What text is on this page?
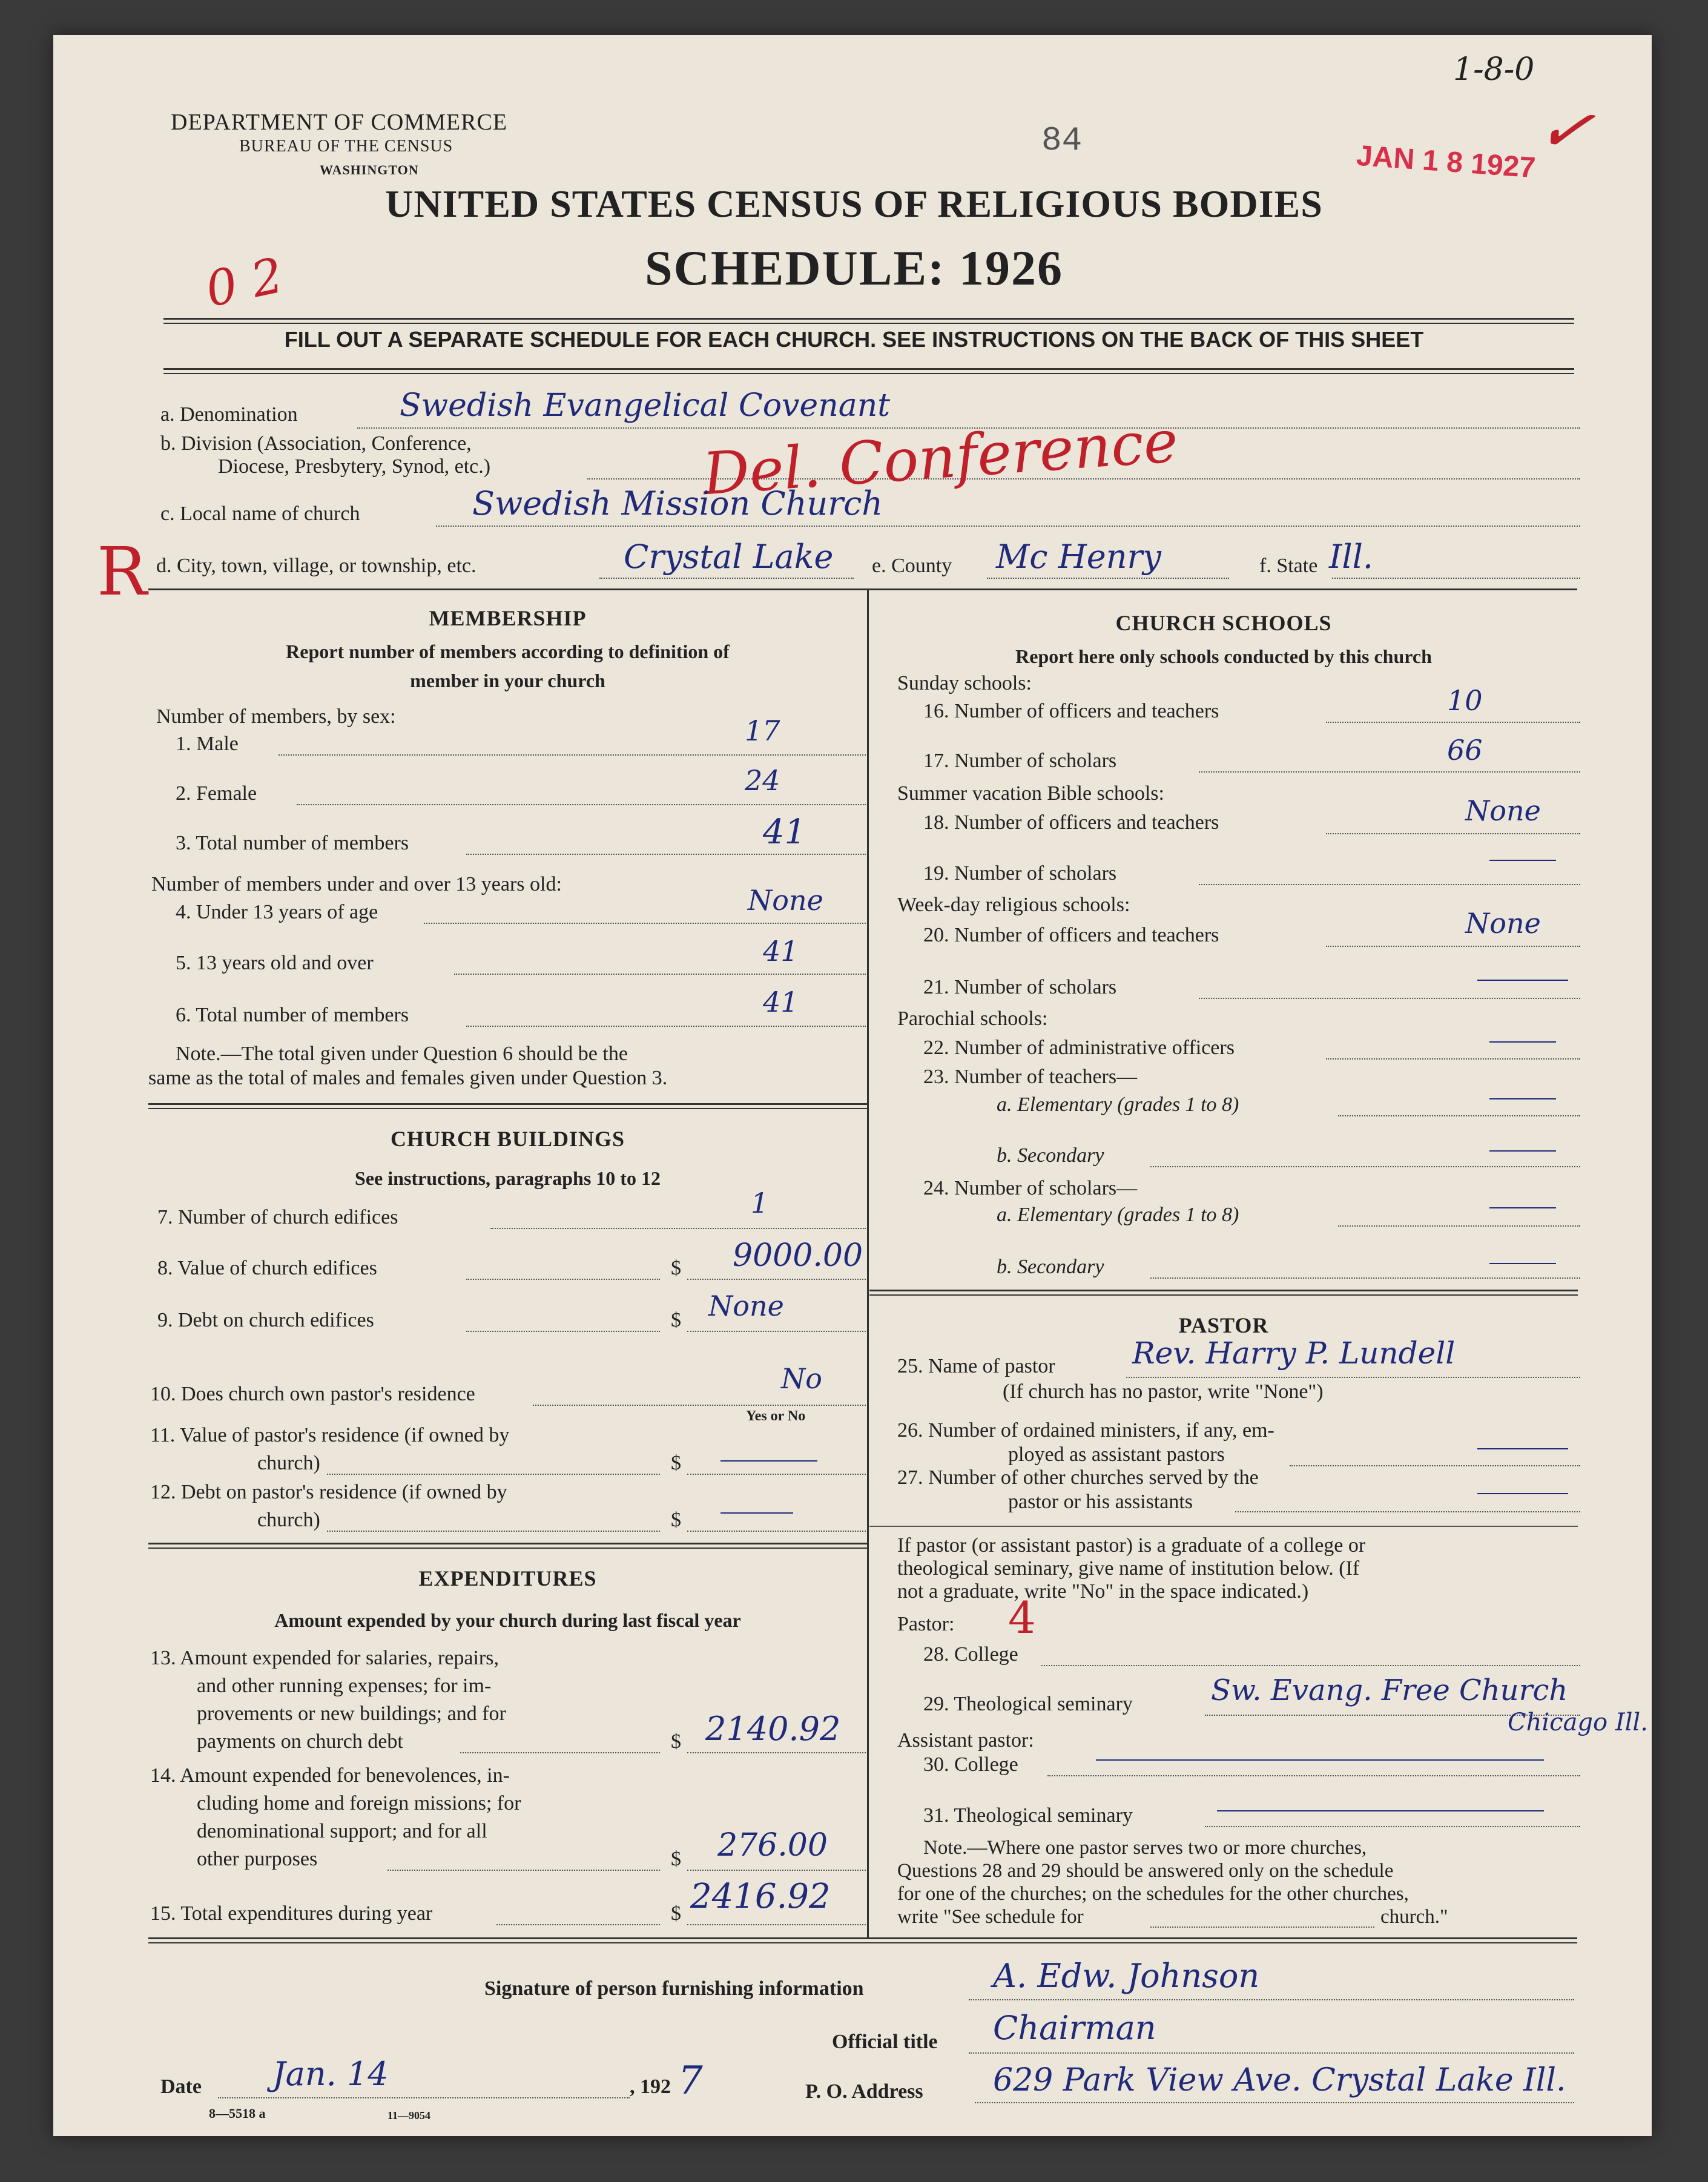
DEPARTMENT OF COMMERCE
BUREAU OF THE CENSUS
WASHINGTON
84	JAN 1 8 1927
1-8-0
✓
UNITED STATES CENSUS OF RELIGIOUS BODIES
SCHEDULE: 1926
0 2
FILL OUT A SEPARATE SCHEDULE FOR EACH CHURCH. SEE INSTRUCTIONS ON THE BACK OF THIS SHEET
a. Denomination	Swedish Evangelical Covenant
b. Division (Association, Conference,
Diocese, Presbytery, Synod, etc.)	Del. Conference
c. Local name of church	Swedish Mission Church
R d. City, town, village, or township, etc.	Crystal Lake e. County Mc Henry	f. State Ill.
MEMBERSHIP
Report number of members according to definition of
member in your church
Number of members, by sex:
1. Male	17
2. Female	24
3. Total number of members	41
Number of members under and over 13 years old:
4. Under 13 years of age	None
5. 13 years old and over	41
6. Total number of members	41
Note.—The total given under Question 6 should be the
same as the total of males and females given under Question 3.
CHURCH BUILDINGS
See instructions, paragraphs 10 to 12
7. Number of church edifices	1
8. Value of church edifices	$ 9000.00
9. Debt on church edifices	$ None
10. Does church own pastor's residence	No
Yes or No
11. Value of pastor's residence (if owned by
church)	$
12. Debt on pastor's residence (if owned by
church)	$
EXPENDITURES
Amount expended by your church during last fiscal year
13. Amount expended for salaries, repairs,
and other running expenses; for im-
provements or new buildings; and for
payments on church debt	$ 2140.92
14. Amount expended for benevolences, in-
cluding home and foreign missions; for
denominational support; and for all
other purposes	$ 276.00
15. Total expenditures during year	$ 2416.92
CHURCH SCHOOLS
Report here only schools conducted by this church
Sunday schools:
16. Number of officers and teachers	10
17. Number of scholars	66
Summer vacation Bible schools:
18. Number of officers and teachers	None
19. Number of scholars
Week-day religious schools:
20. Number of officers and teachers	None
21. Number of scholars
Parochial schools:
22. Number of administrative officers
23. Number of teachers—
a. Elementary (grades 1 to 8)
b. Secondary
24. Number of scholars—
a. Elementary (grades 1 to 8)
b. Secondary
PASTOR
25. Name of pastor	Rev. Harry P. Lundell
(If church has no pastor, write "None")
26. Number of ordained ministers, if any, em-
ployed as assistant pastors
27. Number of other churches served by the
pastor or his assistants
If pastor (or assistant pastor) is a graduate of a college or
theological seminary, give name of institution below. (If
not a graduate, write "No" in the space indicated.)
Pastor: 4
28. College
29. Theological seminary	Sw. Evang. Free Church
Chicago Ill.
Assistant pastor:
30. College
31. Theological seminary
Note.—Where one pastor serves two or more churches,
Questions 28 and 29 should be answered only on the schedule
for one of the churches; on the schedules for the other churches,
write "See schedule for	church."
Signature of person furnishing information	A. Edw. Johnson
Official title Chairman
Date Jan. 14	, 192 7	P. O. Address 629 Park View Ave. Crystal Lake Ill.
8—5518 a	11—9054
